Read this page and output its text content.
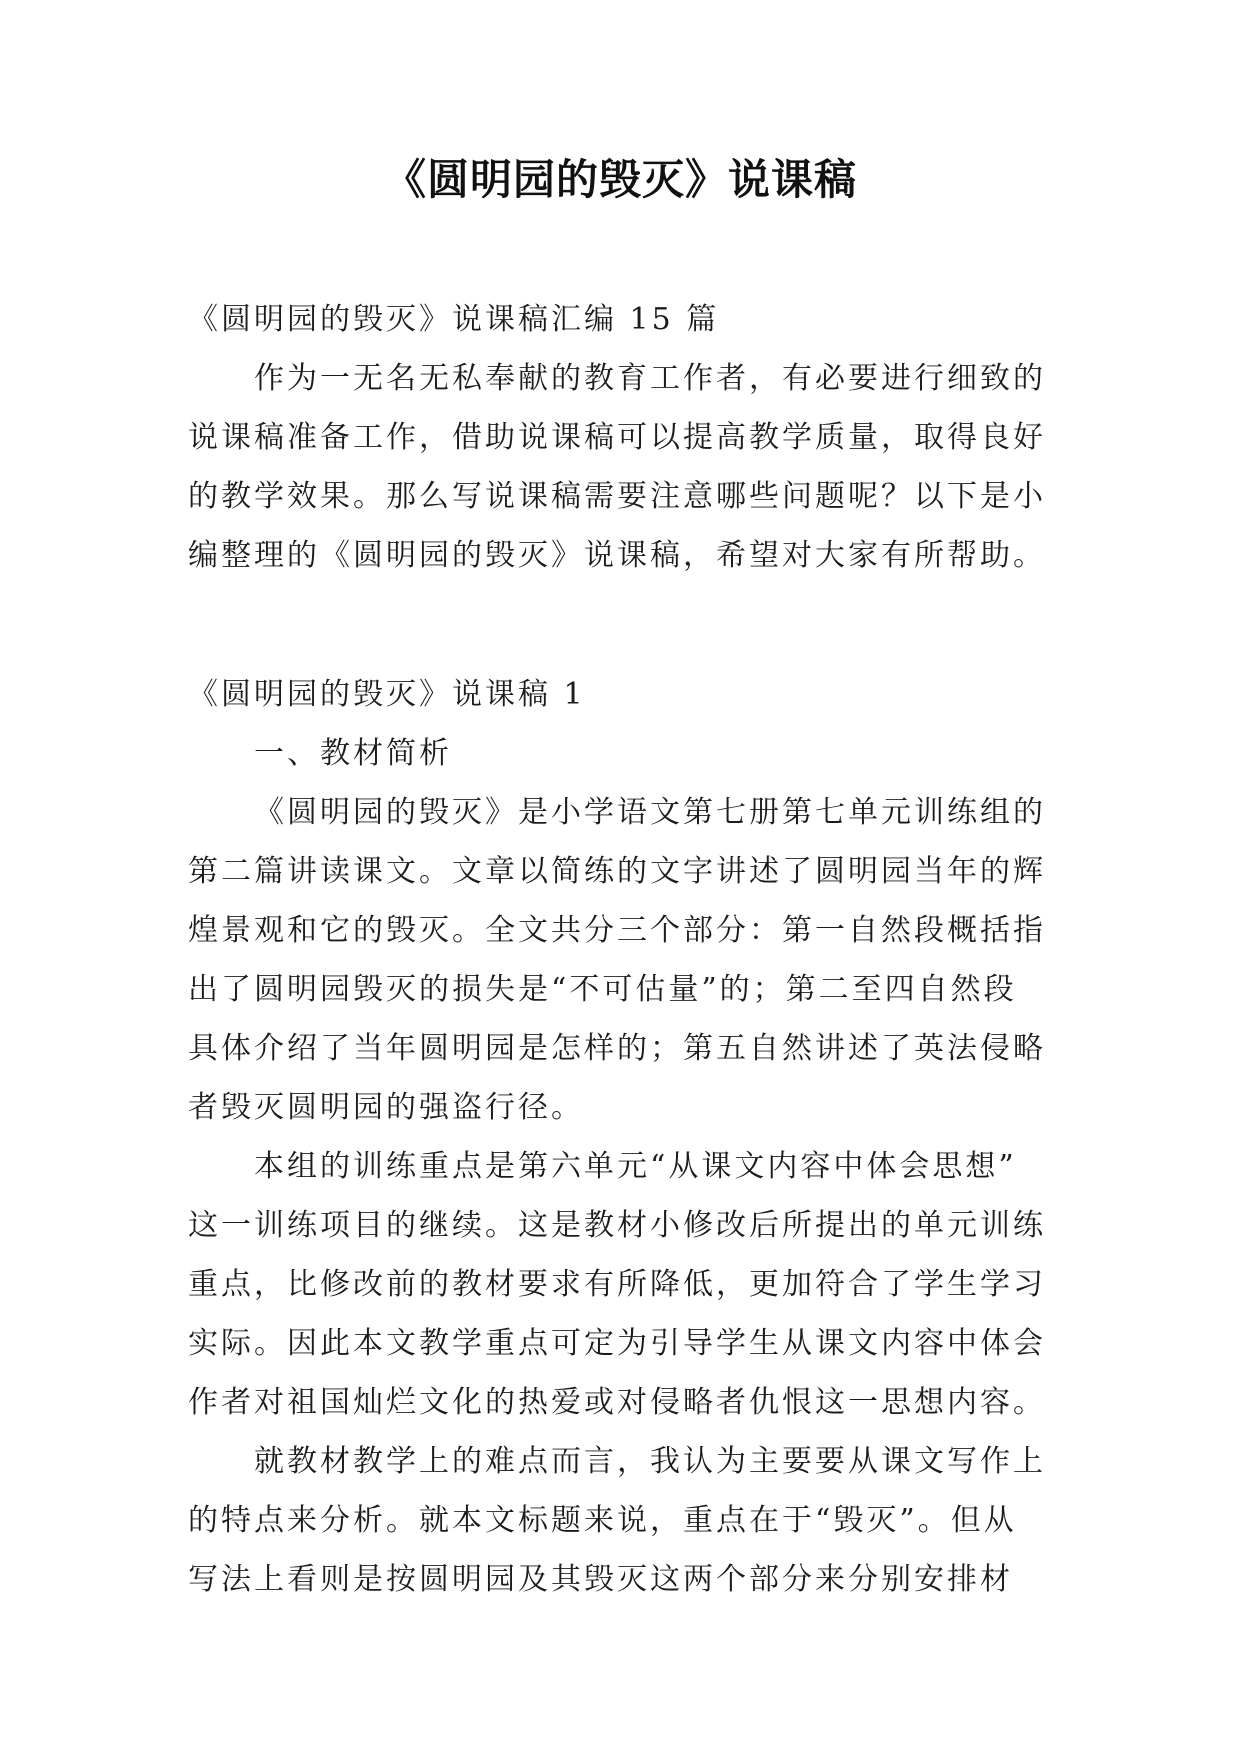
《圆明园的毁灭》说课稿
《圆明园的毁灭》说课稿汇编 15 篇
作为一无名无私奉献的教育工作者，有必要进行细致的
说课稿准备工作，借助说课稿可以提高教学质量，取得良好
的教学效果。那么写说课稿需要注意哪些问题呢？以下是小
编整理的《圆明园的毁灭》说课稿，希望对大家有所帮助。
《圆明园的毁灭》说课稿 1
一、教材简析
《圆明园的毁灭》是小学语文第七册第七单元训练组的
第二篇讲读课文。文章以简练的文字讲述了圆明园当年的辉
煌景观和它的毁灭。全文共分三个部分：第一自然段概括指
出了圆明园毁灭的损失是“不可估量”的；第二至四自然段
具体介绍了当年圆明园是怎样的；第五自然讲述了英法侵略
者毁灭圆明园的强盗行径。
本组的训练重点是第六单元“从课文内容中体会思想”
这一训练项目的继续。这是教材小修改后所提出的单元训练
重点，比修改前的教材要求有所降低，更加符合了学生学习
实际。因此本文教学重点可定为引导学生从课文内容中体会
作者对祖国灿烂文化的热爱或对侵略者仇恨这一思想内容。
就教材教学上的难点而言，我认为主要要从课文写作上
的特点来分析。就本文标题来说，重点在于“毁灭”。但从
写法上看则是按圆明园及其毁灭这两个部分来分别安排材
